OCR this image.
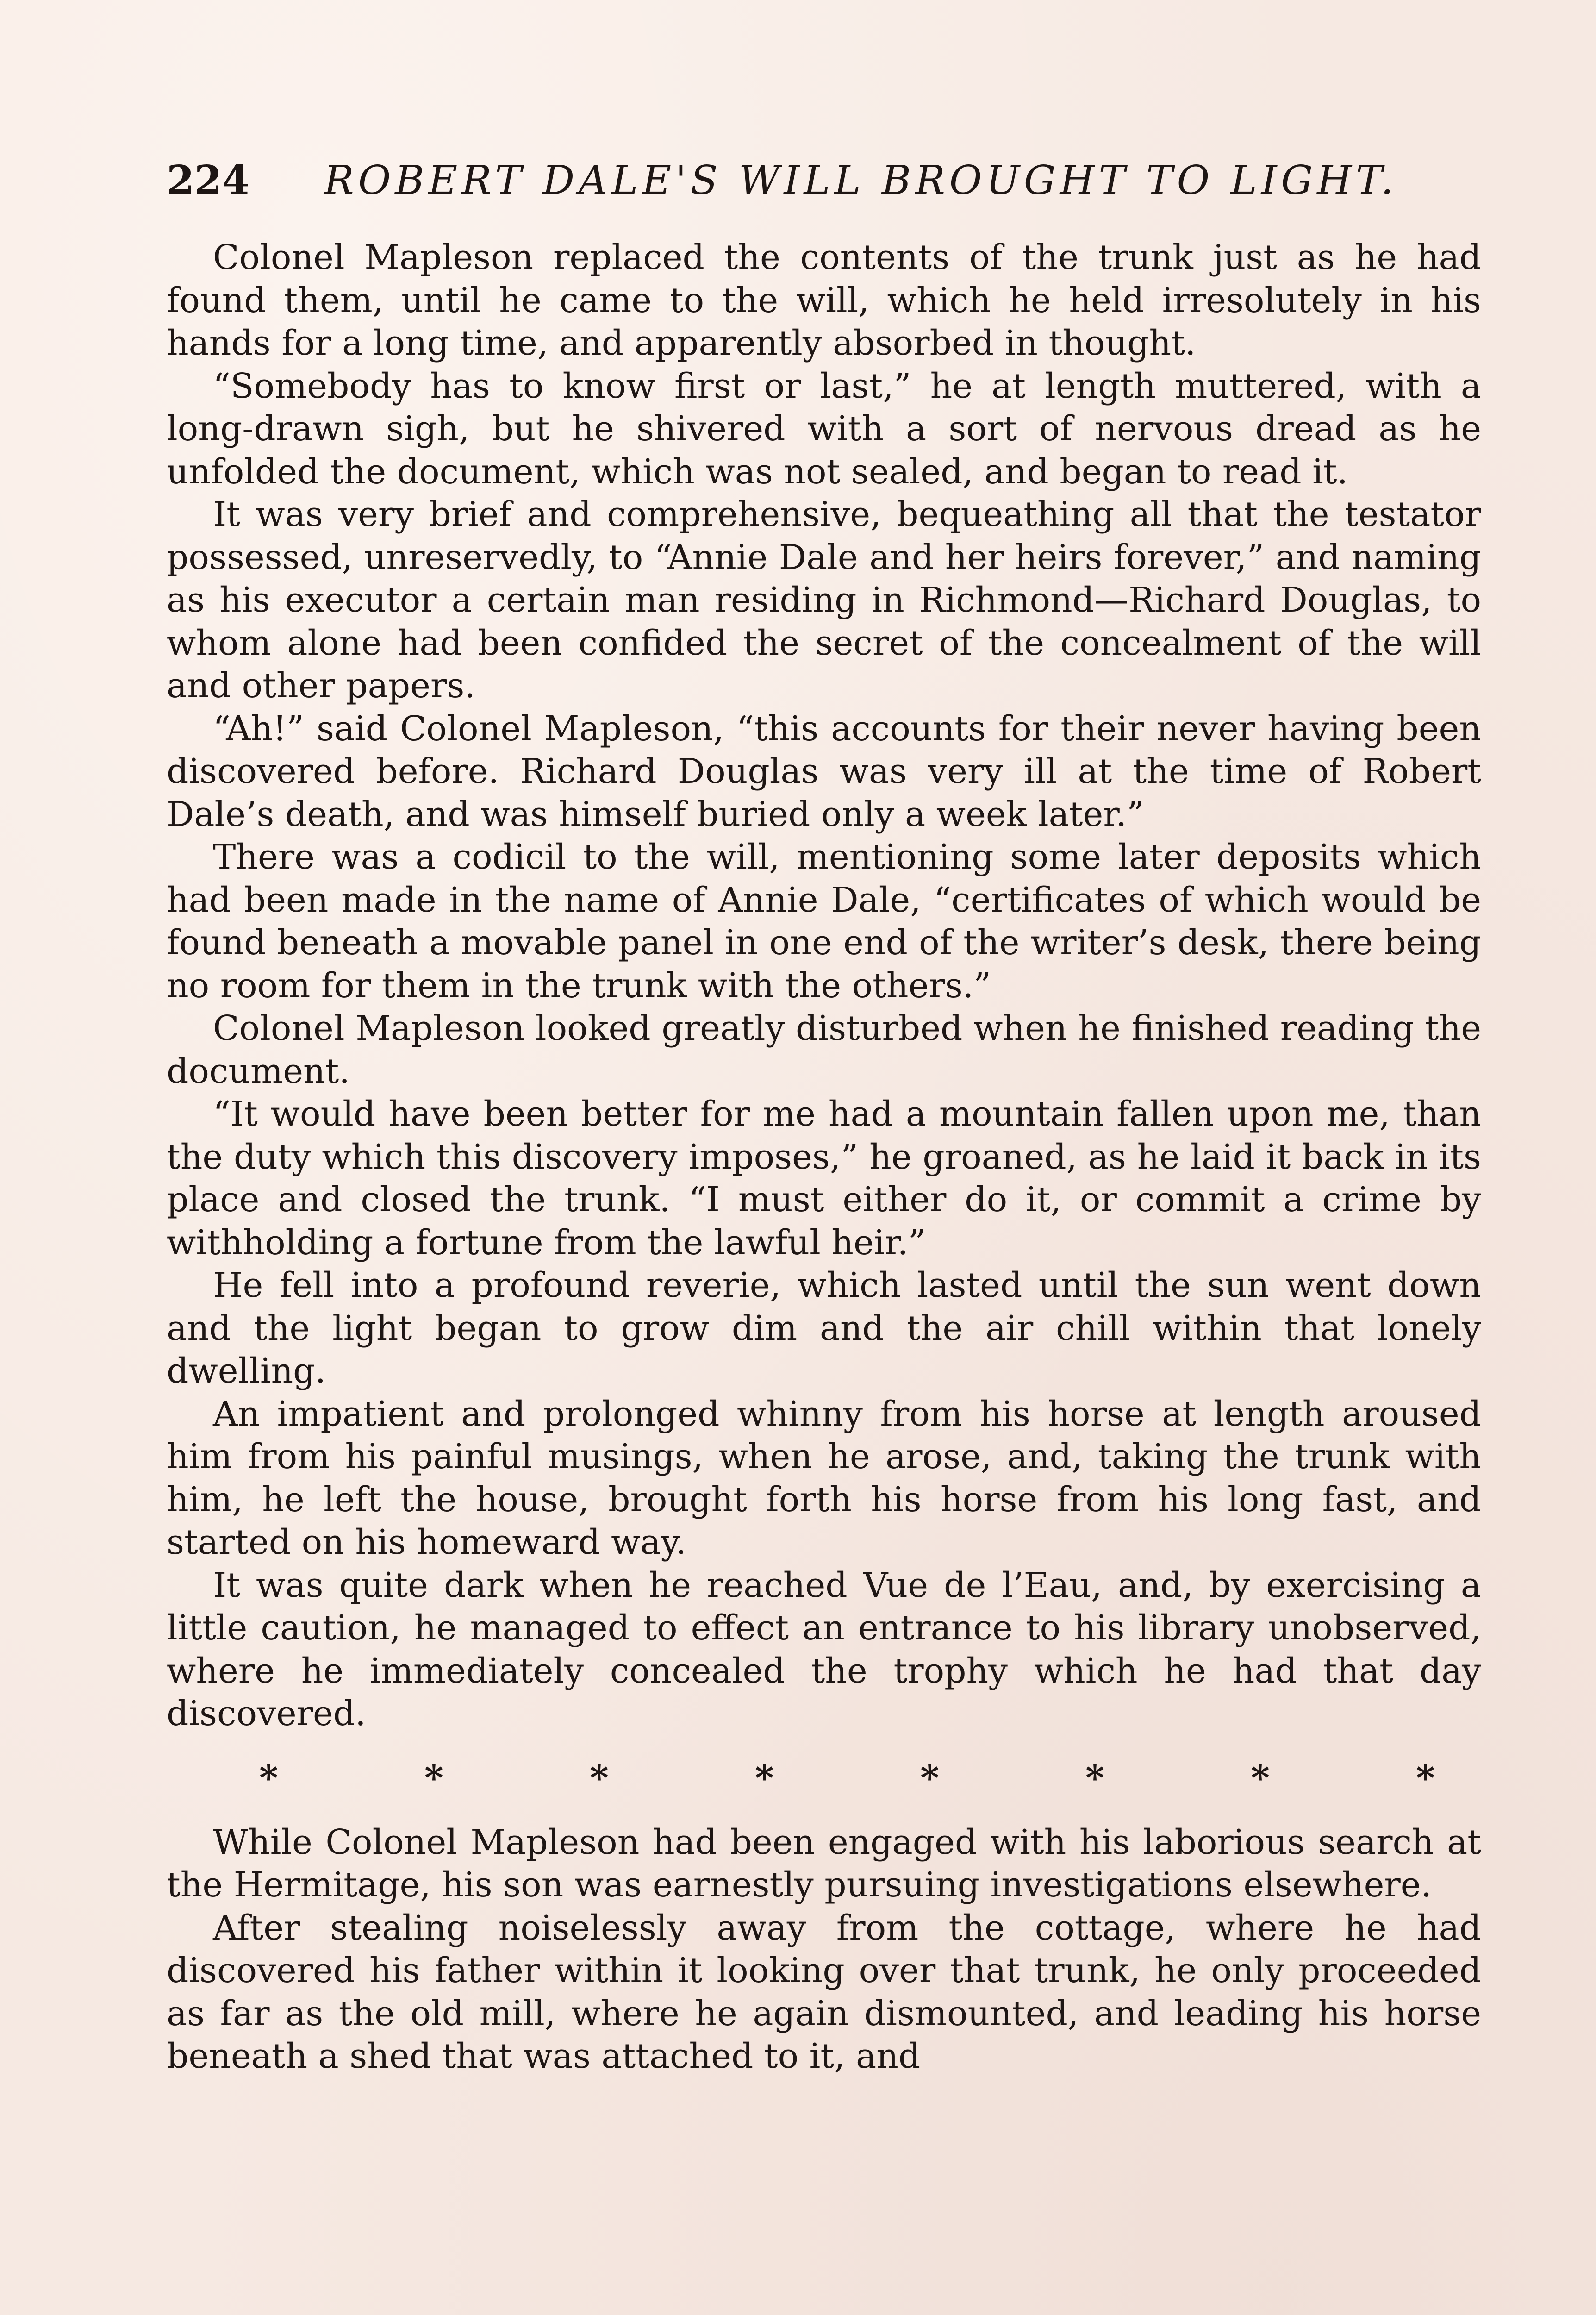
224 ROBERT DALE'S WILL BROUGHT TO LIGHT.

Colonel Mapleson replaced the contents of the trunk just as he had found them, until he came to the will, which he held irresolutely in his hands for a long time, and apparently absorbed in thought.

“Somebody has to know first or last,” he at length muttered, with a long-drawn sigh, but he shivered with a sort of nervous dread as he unfolded the document, which was not sealed, and began to read it.

It was very brief and comprehensive, bequeathing all that the testator possessed, unreservedly, to “Annie Dale and her heirs forever,” and naming as his executor a certain man residing in Richmond—Richard Douglas, to whom alone had been confided the secret of the concealment of the will and other papers.

“Ah!” said Colonel Mapleson, “this accounts for their never having been discovered before. Richard Douglas was very ill at the time of Robert Dale’s death, and was himself buried only a week later.”

There was a codicil to the will, mentioning some later deposits which had been made in the name of Annie Dale, “certificates of which would be found beneath a movable panel in one end of the writer’s desk, there being no room for them in the trunk with the others.”

Colonel Mapleson looked greatly disturbed when he finished reading the document.

“It would have been better for me had a mountain fallen upon me, than the duty which this discovery imposes,” he groaned, as he laid it back in its place and closed the trunk. “I must either do it, or commit a crime by withholding a fortune from the lawful heir.”

He fell into a profound reverie, which lasted until the sun went down and the light began to grow dim and the air chill within that lonely dwelling.

An impatient and prolonged whinny from his horse at length aroused him from his painful musings, when he arose, and, taking the trunk with him, he left the house, brought forth his horse from his long fast, and started on his homeward way.

It was quite dark when he reached Vue de l’Eau, and, by exercising a little caution, he managed to effect an entrance to his library unobserved, where he immediately concealed the trophy which he had that day discovered.

*	*	*	*	*	*	*	*

While Colonel Mapleson had been engaged with his laborious search at the Hermitage, his son was earnestly pursuing investigations elsewhere.

After stealing noiselessly away from the cottage, where he had discovered his father within it looking over that trunk, he only proceeded as far as the old mill, where he again dismounted, and leading his horse beneath a shed that was attached to it, and
